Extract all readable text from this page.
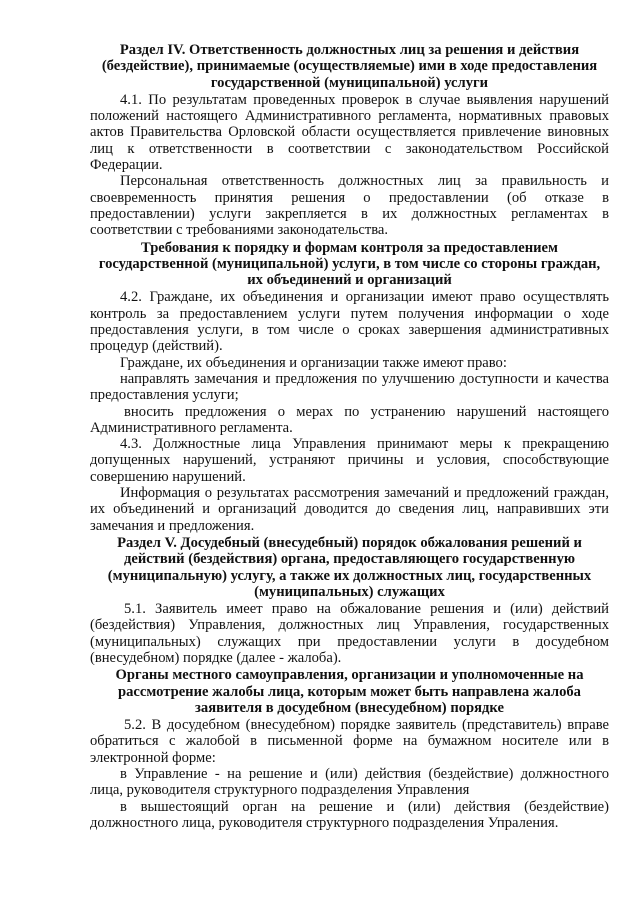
Раздел IV. Ответственность должностных лиц за решения и действия (бездействие), принимаемые (осуществляемые) ими в ходе предоставления государственной (муниципальной) услуги

4.1. По результатам проведенных проверок в случае выявления нарушений положений настоящего Административного регламента, нормативных правовых актов Правительства Орловской области осуществляется привлечение виновных лиц к ответственности в соответствии с законодательством Российской Федерации.

Персональная ответственность должностных лиц за правильность и своевременность принятия решения о предоставлении (об отказе в предоставлении) услуги закрепляется в их должностных регламентах в соответствии с требованиями законодательства.

Требования к порядку и формам контроля за предоставлением государственной (муниципальной) услуги, в том числе со стороны граждан, их объединений и организаций

4.2. Граждане, их объединения и организации имеют право осуществлять контроль за предоставлением услуги путем получения информации о ходе предоставления услуги, в том числе о сроках завершения административных процедур (действий).

Граждане, их объединения и организации также имеют право:

направлять замечания и предложения по улучшению доступности и качества предоставления услуги;

вносить предложения о мерах по устранению нарушений настоящего Административного регламента.

4.3. Должностные лица Управления принимают меры к прекращению допущенных нарушений, устраняют причины и условия, способствующие совершению нарушений.

Информация о результатах рассмотрения замечаний и предложений граждан, их объединений и организаций доводится до сведения лиц, направивших эти замечания и предложения.

Раздел V. Досудебный (внесудебный) порядок обжалования решений и действий (бездействия) органа, предоставляющего государственную (муниципальную) услугу, а также их должностных лиц, государственных (муниципальных) служащих

5.1. Заявитель имеет право на обжалование решения и (или) действий (бездействия) Управления, должностных лиц Управления, государственных (муниципальных) служащих при предоставлении услуги в досудебном (внесудебном) порядке (далее - жалоба).

Органы местного самоуправления, организации и уполномоченные на рассмотрение жалобы лица, которым может быть направлена жалоба заявителя в досудебном (внесудебном) порядке

5.2. В досудебном (внесудебном) порядке заявитель (представитель) вправе обратиться с жалобой в письменной форме на бумажном носителе или в электронной форме:

в Управление - на решение и (или) действия (бездействие) должностного лица, руководителя структурного подразделения Управления

в вышестоящий орган на решение и (или) действия (бездействие) должностного лица, руководителя структурного подразделения Упраления.
